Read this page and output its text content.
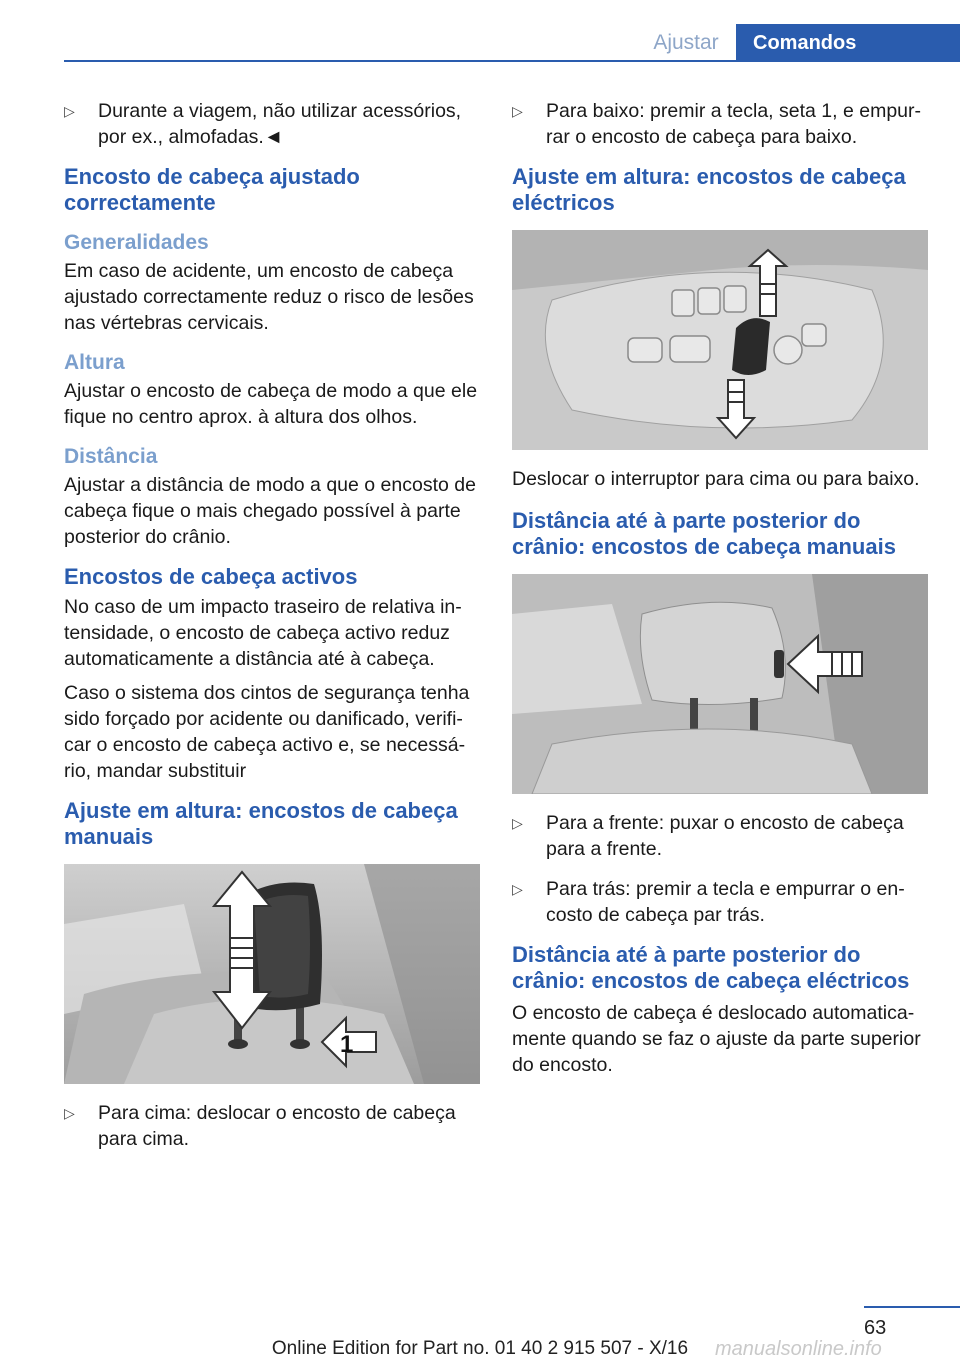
Ajustar	Comandos
▷ Durante a viagem, não utilizar acessórios, por ex., almofadas.◄
Encosto de cabeça ajustado correctamente
Generalidades
Em caso de acidente, um encosto de cabeça ajustado correctamente reduz o risco de lesões nas vértebras cervicais.
Altura
Ajustar o encosto de cabeça de modo a que ele fique no centro aprox. à altura dos olhos.
Distância
Ajustar a distância de modo a que o encosto de cabeça fique o mais chegado possível à parte posterior do crânio.
Encostos de cabeça activos
No caso de um impacto traseiro de relativa intensidade, o encosto de cabeça activo reduz automaticamente a distância até à cabeça.
Caso o sistema dos cintos de segurança tenha sido forçado por acidente ou danificado, verificar o encosto de cabeça activo e, se necessário, mandar substituir
Ajuste em altura: encostos de cabeça manuais
1
▷ Para cima: deslocar o encosto de cabeça para cima.
▷ Para baixo: premir a tecla, seta 1, e empurrar o encosto de cabeça para baixo.
Ajuste em altura: encostos de cabeça eléctricos
Deslocar o interruptor para cima ou para baixo.
Distância até à parte posterior do crânio: encostos de cabeça manuais
▷ Para a frente: puxar o encosto de cabeça para a frente.
▷ Para trás: premir a tecla e empurrar o encosto de cabeça par trás.
Distância até à parte posterior do crânio: encostos de cabeça eléctricos
O encosto de cabeça é deslocado automaticamente quando se faz o ajuste da parte superior do encosto.
63
Online Edition for Part no. 01 40 2 915 507 - X/16	manualsonline.info
